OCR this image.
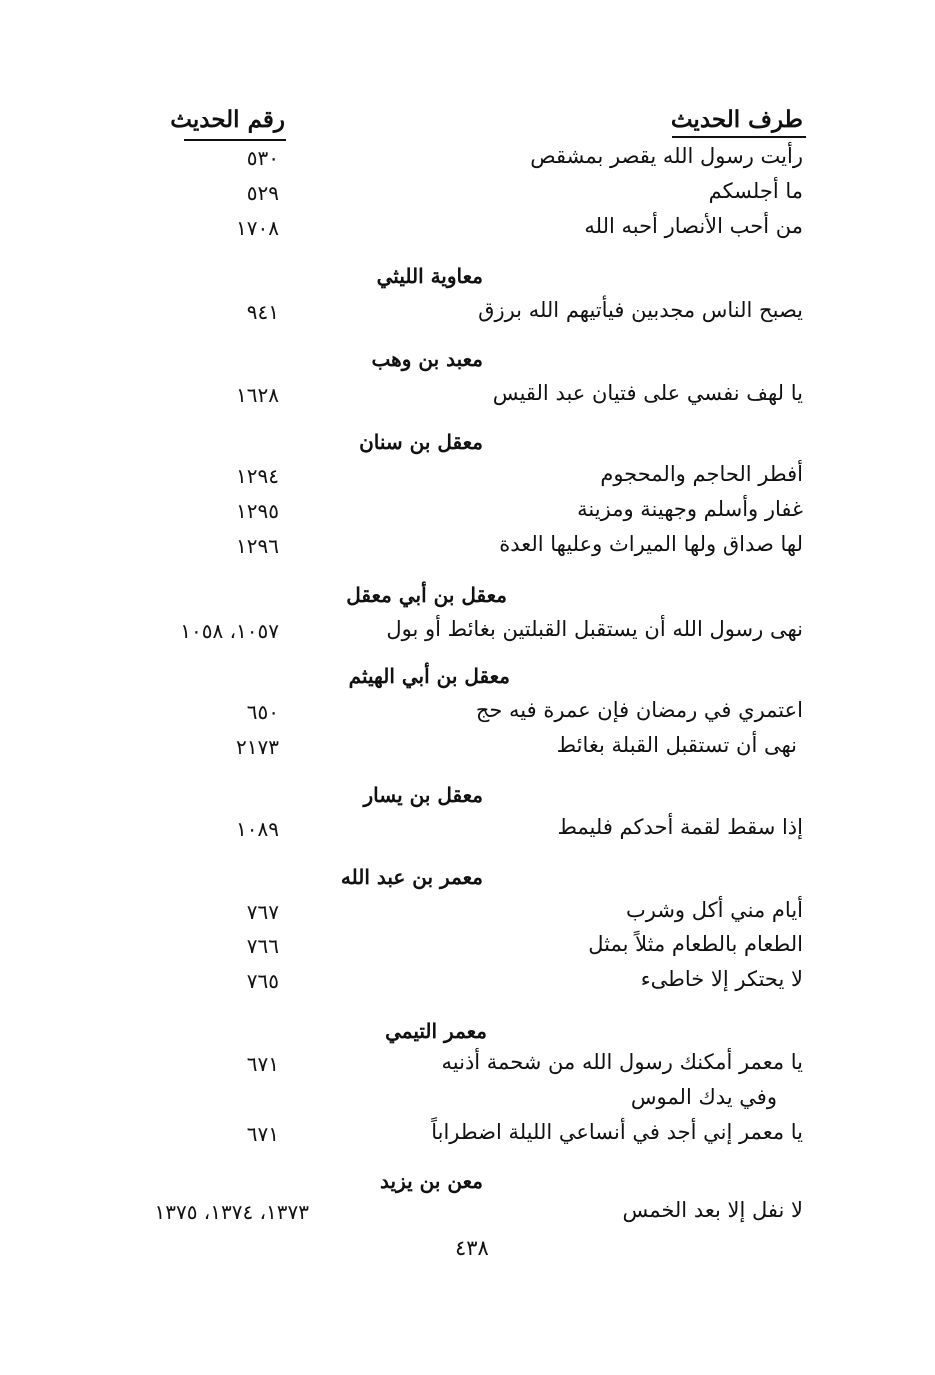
طرف الحديث
رقم الحديث
رأيت رسول الله يقصر بمشقص
٥٣٠
ما أجلسكم
٥٢٩
من أحب الأنصار أحبه الله
١٧٠٨
معاوية الليثي
يصبح الناس مجدبين فيأتيهم الله برزق
٩٤١
معبد بن وهب
يا لهف نفسي على فتيان عبد القيس
١٦٢٨
معقل بن سنان
أفطر الحاجم والمحجوم
١٢٩٤
غفار وأسلم وجهينة ومزينة
١٢٩٥
لها صداق ولها الميراث وعليها العدة
١٢٩٦
معقل بن أبي معقل
نهى رسول الله أن يستقبل القبلتين بغائط أو بول
١٠٥٧، ١٠٥٨
معقل بن أبي الهيثم
اعتمري في رمضان فإن عمرة فيه حج
٦٥٠
نهى أن تستقبل القبلة بغائط
٢١٧٣
معقل بن يسار
إذا سقط لقمة أحدكم فليمط
١٠٨٩
معمر بن عبد الله
أيام مني أكل وشرب
٧٦٧
الطعام بالطعام مثلاً بمثل
٧٦٦
لا يحتكر إلا خاطىء
٧٦٥
معمر التيمي
يا معمر أمكنك رسول الله من شحمة أذنيه
٦٧١
وفي يدك الموس
يا معمر إني أجد في أنساعي الليلة اضطراباً
٦٧١
معن بن يزيد
لا نفل إلا بعد الخمس
١٣٧٣، ١٣٧٤، ١٣٧٥
٤٣٨
